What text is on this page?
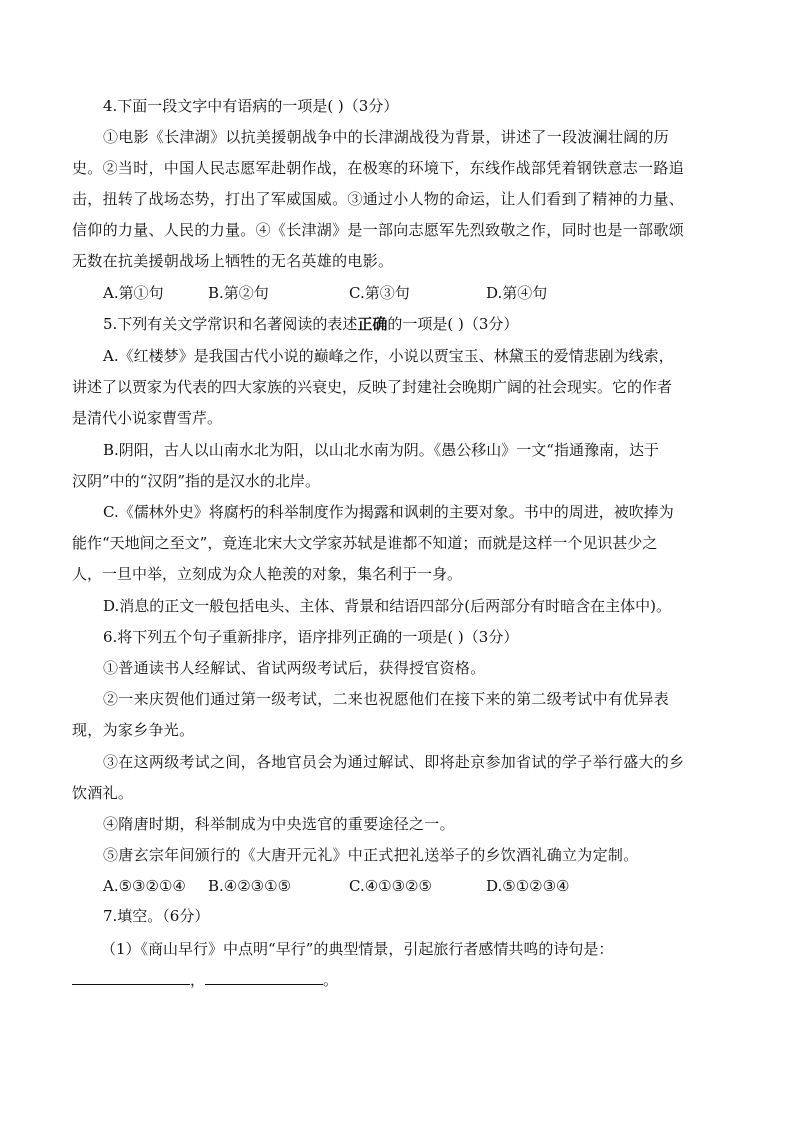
4.下面一段文字中有语病的一项是( )（3分）
①电影《长津湖》以抗美援朝战争中的长津湖战役为背景，讲述了一段波澜壮阔的历
史。②当时，中国人民志愿军赴朝作战，在极寒的环境下，东线作战部凭着钢铁意志一路追
击，扭转了战场态势，打出了军威国威。③通过小人物的命运，让人们看到了精神的力量、
信仰的力量、人民的力量。④《长津湖》是一部向志愿军先烈致敬之作，同时也是一部歌颂
无数在抗美援朝战场上牺牲的无名英雄的电影。
A.第①句	B.第②句	C.第③句	D.第④句
5.下列有关文学常识和名著阅读的表述正确的一项是( )（3分）
A.《红楼梦》是我国古代小说的巅峰之作，小说以贾宝玉、林黛玉的爱情悲剧为线索，
讲述了以贾家为代表的四大家族的兴衰史，反映了封建社会晚期广阔的社会现实。它的作者
是清代小说家曹雪芹。
B.阴阳，古人以山南水北为阳，以山北水南为阴。《愚公移山》一文“指通豫南，达于
汉阴”中的“汉阴”指的是汉水的北岸。
C.《儒林外史》将腐朽的科举制度作为揭露和讽刺的主要对象。书中的周进，被吹捧为
能作“天地间之至文”，竟连北宋大文学家苏轼是谁都不知道；而就是这样一个见识甚少之
人，一旦中举，立刻成为众人艳羡的对象，集名利于一身。
D.消息的正文一般包括电头、主体、背景和结语四部分(后两部分有时暗含在主体中)。
6.将下列五个句子重新排序，语序排列正确的一项是( )（3分）
①普通读书人经解试、省试两级考试后，获得授官资格。
②一来庆贺他们通过第一级考试，二来也祝愿他们在接下来的第二级考试中有优异表
现，为家乡争光。
③在这两级考试之间，各地官员会为通过解试、即将赴京参加省试的学子举行盛大的乡
饮酒礼。
④隋唐时期，科举制成为中央选官的重要途径之一。
⑤唐玄宗年间颁行的《大唐开元礼》中正式把礼送举子的乡饮酒礼确立为定制。
A.⑤③②①④ B.④②③①⑤	C.④①③②⑤	D.⑤①②③④
7.填空。（6分）
（1）《商山早行》中点明“早行”的典型情景，引起旅行者感情共鸣的诗句是：
，	。
